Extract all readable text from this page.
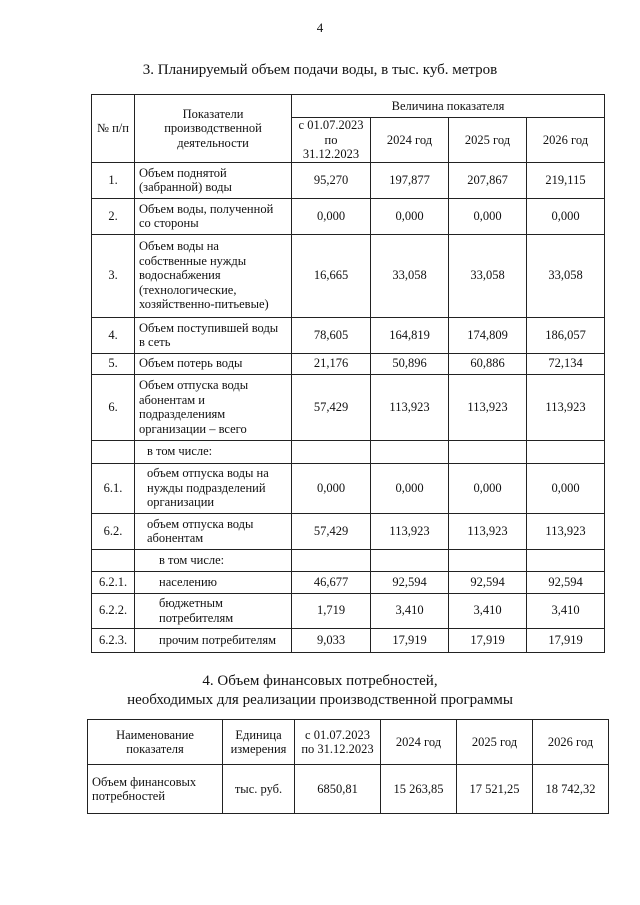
4
3. Планируемый объем подачи воды, в тыс. куб. метров
№ п/п	Показатели производственной деятельности	Величина показателя			
		с 01.07.2023 по 31.12.2023	2024 год	2025 год	2026 год
1.	Объем поднятой (забранной) воды	95,270	197,877	207,867	219,115
2.	Объем воды, полученной со стороны	0,000	0,000	0,000	0,000
3.	Объем воды на собственные нужды водоснабжения (технологические, хозяйственно-питьевые)	16,665	33,058	33,058	33,058
4.	Объем поступившей воды в сеть	78,605	164,819	174,809	186,057
5.	Объем потерь воды	21,176	50,896	60,886	72,134
6.	Объем отпуска воды абонентам и подразделениям организации – всего	57,429	113,923	113,923	113,923
	в том числе:				
6.1.	объем отпуска воды на нужды подразделений организации	0,000	0,000	0,000	0,000
6.2.	объем отпуска воды абонентам	57,429	113,923	113,923	113,923
	в том числе:				
6.2.1.	населению	46,677	92,594	92,594	92,594
6.2.2.	бюджетным потребителям	1,719	3,410	3,410	3,410
6.2.3.	прочим потребителям	9,033	17,919	17,919	17,919
4. Объем финансовых потребностей,
необходимых для реализации производственной программы
Наименование показателя	Единица измерения	с 01.07.2023 по 31.12.2023	2024 год	2025 год	2026 год
Объем финансовых потребностей	тыс. руб.	6850,81	15 263,85	17 521,25	18 742,32
